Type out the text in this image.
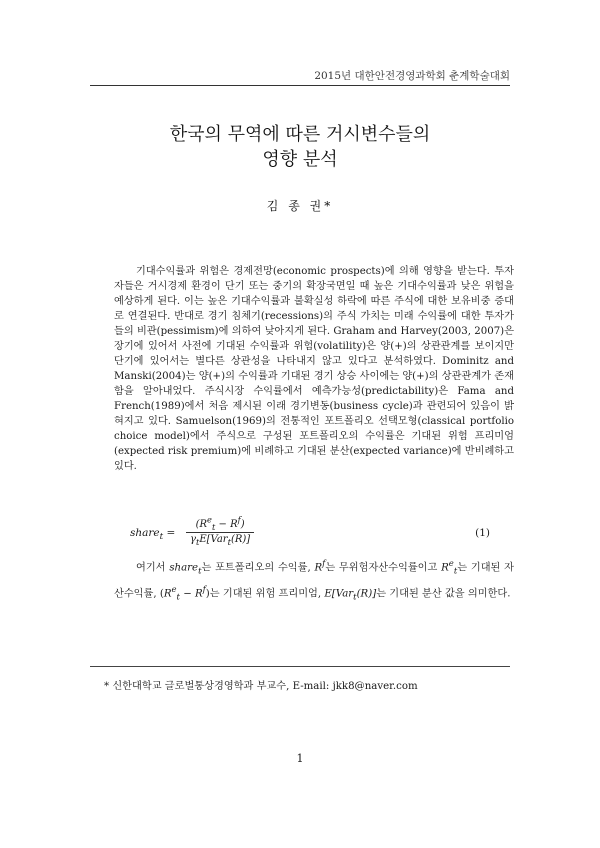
2015년 대한안전경영과학회 춘계학술대회
한국의 무역에 따른 거시변수들의
영향 분석
김 종 권*

기대수익률과 위험은 경제전망(economic prospects)에 의해 영향을 받는다. 투자자들은 거시경제 환경이 단기 또는 중기의 확장국면일 때 높은 기대수익률과 낮은 위험을 예상하게 된다. 이는 높은 기대수익률과 불확실성 하락에 따른 주식에 대한 보유비중 증대로 연결된다. 반대로 경기 침체기(recessions)의 주식 가치는 미래 수익률에 대한 투자가들의 비관(pessimism)에 의하여 낮아지게 된다. Graham and Harvey(2003, 2007)은 장기에 있어서 사전에 기대된 수익률과 위험(volatility)은 양(+)의 상관관계를 보이지만 단기에 있어서는 별다른 상관성을 나타내지 않고 있다고 분석하였다. Dominitz and Manski(2004)는 양(+)의 수익률과 기대된 경기 상승 사이에는 양(+)의 상관관계가 존재함을 알아내었다. 주식시장 수익률에서 예측가능성(predictability)은 Fama and French(1989)에서 처음 제시된 이래 경기변동(business cycle)과 관련되어 있음이 밝혀지고 있다. Samuelson(1969)의 전통적인 포트폴리오 선택모형(classical portfolio choice model)에서 주식으로 구성된 포트폴리오의 수익률은 기대된 위험 프리미엄(expected risk premium)에 비례하고 기대된 분산(expected variance)에 반비례하고 있다.

share$_t$ =
$(R^e_t - R^f)$
$\gamma_tE[Var_t(R)]$
(1)

여기서 share$_t$는 포트폴리오의 수익률, $R^f$는 무위험자산수익률이고 $R^e_t$는 기대된 자산수익률, $(R^e_t - R^f)$는 기대된 위험 프리미엄, E[Var$_t$(R)]는 기대된 분산 값을 의미한다.

* 신한대학교 글로벌통상경영학과 부교수, E-mail: jkk8@naver.com
1
